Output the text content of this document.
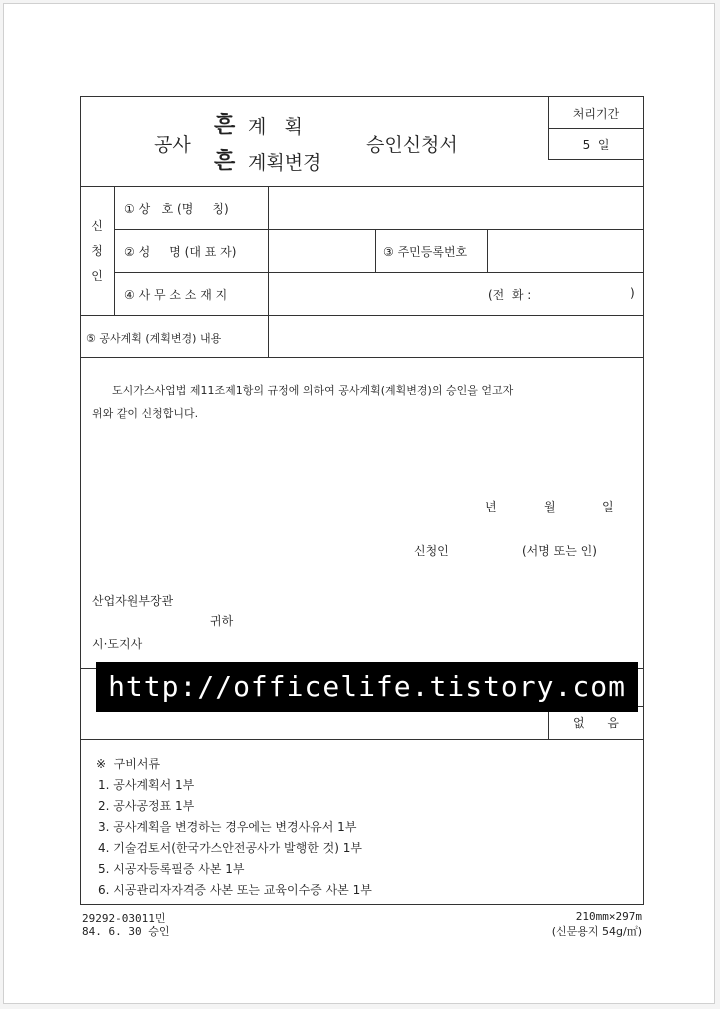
공사
흔
흔
계   획
계획변경
승인신청서
처리기간
5  일
신
청
인
① 상   호 (명     칭)
② 성     명 (대 표 자)	③ 주민등록번호
④ 사 무 소 소 재 지	(전  화 :	)
⑤ 공사계획 (계획변경) 내용
도시가스사업법 제11조제1항의 규정에 의하여 공사계획(계획변경)의 승인을 얻고자
위와 같이 신청합니다.
년	월	일
신청인	(서명 또는 인)
산업자원부장관
귀하
시·도지사
없      음
※  구비서류
1. 공사계획서 1부
2. 공사공정표 1부
3. 공사계획을 변경하는 경우에는 변경사유서 1부
4. 기술검토서(한국가스안전공사가 발행한 것) 1부
5. 시공자등록필증 사본 1부
6. 시공관리자자격증 사본 또는 교육이수증 사본 1부
29292-03011민
84. 6. 30 승인
210mm×297m
(신문용지 54g/㎡)
http://officelife.tistory.com
